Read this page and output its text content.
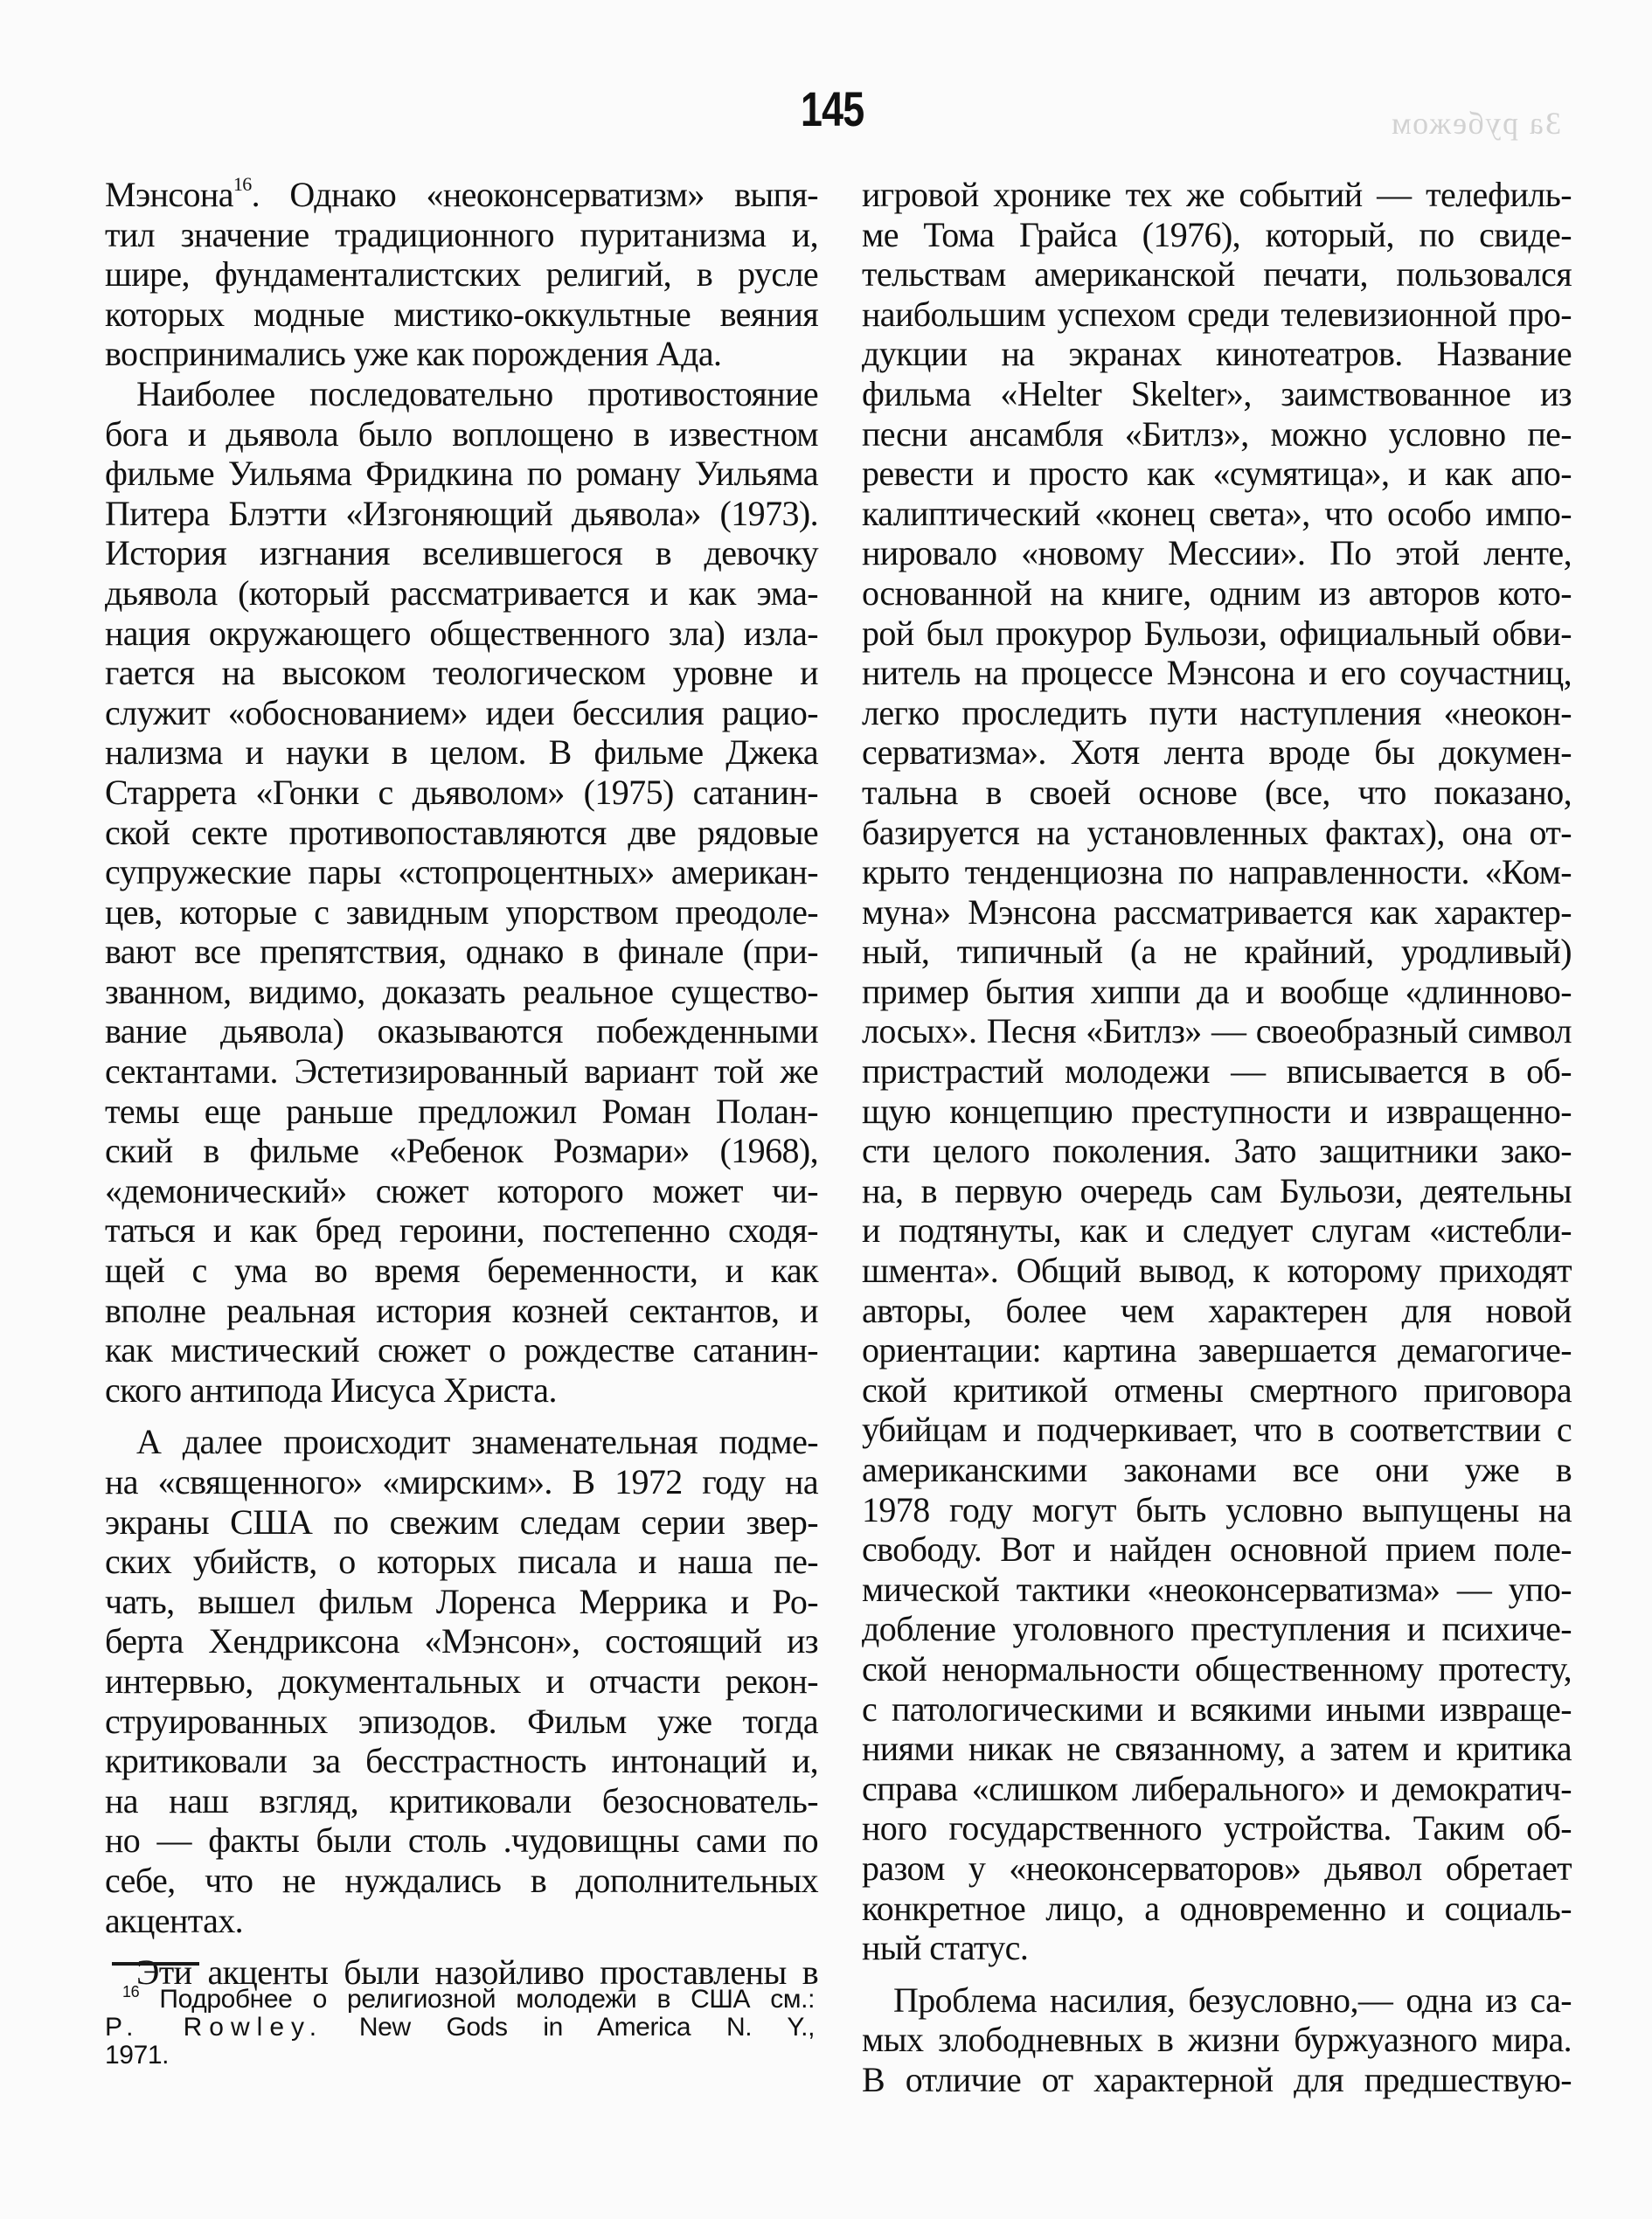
145	За рубежом
Мэнсона$^{16}$. Однако «неоконсерватизм» выпя-
тил значение традиционного пуританизма и,
шире, фундаменталистских религий, в русле
которых модные мистико-оккультные веяния
воспринимались уже как порождения Ада.
Наиболее последовательно противостояние
бога и дьявола было воплощено в известном
фильме Уильяма Фридкина по роману Уильяма
Питера Блэтти «Изгоняющий дьявола» (1973).
История изгнания вселившегося в девочку
дьявола (который рассматривается и как эма-
нация окружающего общественного зла) изла-
гается на высоком теологическом уровне и
служит «обоснованием» идеи бессилия рацио-
нализма и науки в целом. В фильме Джека
Старрета «Гонки с дьяволом» (1975) сатанин-
ской секте противопоставляются две рядовые
супружеские пары «стопроцентных» американ-
цев, которые с завидным упорством преодоле-
вают все препятствия, однако в финале (при-
званном, видимо, доказать реальное существо-
вание дьявола) оказываются побежденными
сектантами. Эстетизированный вариант той же
темы еще раньше предложил Роман Полан-
ский в фильме «Ребенок Розмари» (1968),
«демонический» сюжет которого может чи-
таться и как бред героини, постепенно сходя-
щей с ума во время беременности, и как
вполне реальная история козней сектантов, и
как мистический сюжет о рождестве сатанин-
ского антипода Иисуса Христа.
А далее происходит знаменательная подме-
на «священного» «мирским». В 1972 году на
экраны США по свежим следам серии звер-
ских убийств, о которых писала и наша пе-
чать, вышел фильм Лоренса Меррика и Ро-
берта Хендриксона «Мэнсон», состоящий из
интервью, документальных и отчасти рекон-
струированных эпизодов. Фильм уже тогда
критиковали за бесстрастность интонаций и,
на наш взгляд, критиковали безоснователь-
но — факты были столь .чудовищны сами по
себе, что не нуждались в дополнительных
акцентах.
Эти акценты были назойливо проставлены в
игровой хронике тех же событий — телефиль-
ме Тома Грайса (1976), который, по свиде-
тельствам американской печати, пользовался
наибольшим успехом среди телевизионной про-
дукции на экранах кинотеатров. Название
фильма «Helter Skelter», заимствованное из
песни ансамбля «Битлз», можно условно пе-
ревести и просто как «сумятица», и как апо-
калиптический «конец света», что особо импо-
нировало «новому Мессии». По этой ленте,
основанной на книге, одним из авторов кото-
рой был прокурор Бульози, официальный обви-
нитель на процессе Мэнсона и его соучастниц,
легко проследить пути наступления «неокон-
серватизма». Хотя лента вроде бы докумен-
тальна в своей основе (все, что показано,
базируется на установленных фактах), она от-
крыто тенденциозна по направленности. «Ком-
муна» Мэнсона рассматривается как характер-
ный, типичный (а не крайний, уродливый)
пример бытия хиппи да и вообще «длинново-
лосых». Песня «Битлз» — своеобразный символ
пристрастий молодежи — вписывается в об-
щую концепцию преступности и извращенно-
сти целого поколения. Зато защитники зако-
на, в первую очередь сам Бульози, деятельны
и подтянуты, как и следует слугам «истебли-
шмента». Общий вывод, к которому приходят
авторы, более чем характерен для новой
ориентации: картина завершается демагогиче-
ской критикой отмены смертного приговора
убийцам и подчеркивает, что в соответствии с
американскими законами все они уже в
1978 году могут быть условно выпущены на
свободу. Вот и найден основной прием поле-
мической тактики «неоконсерватизма» — упо-
добление уголовного преступления и психиче-
ской ненормальности общественному протесту,
с патологическими и всякими иными извраще-
ниями никак не связанному, а затем и критика
справа «слишком либерального» и демократич-
ного государственного устройства. Таким об-
разом у «неоконсерваторов» дьявол обретает
конкретное лицо, а одновременно и социаль-
ный статус.
Проблема насилия, безусловно,— одна из са-
мых злободневных в жизни буржуазного мира.
В отличие от характерной для предшествую-
$^{16}$ Подробнее о религиозной молодежи в США см.:
P. Rowley. New Gods in America N. Y.,
1971.
